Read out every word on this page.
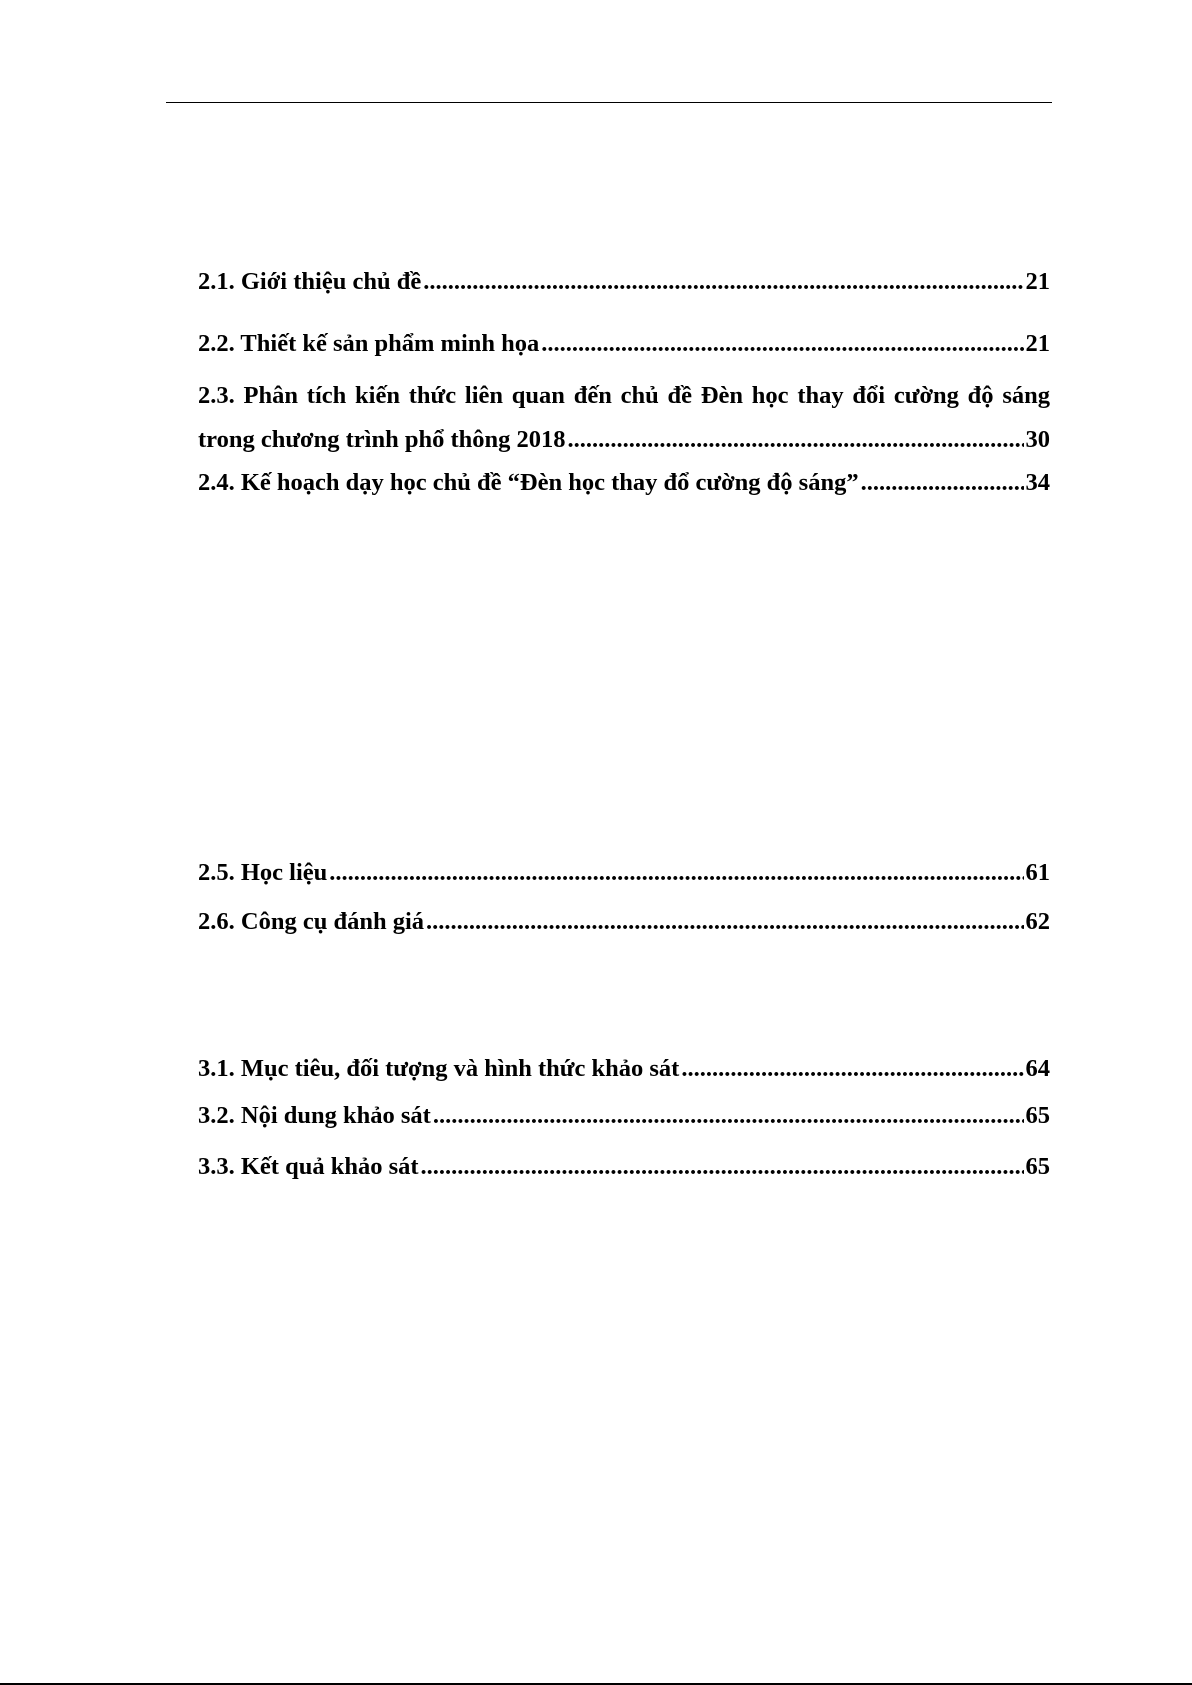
2.1. Giới thiệu chủ đề .....	21
2.2. Thiết kế sản phẩm minh họa .....	21
2.3. Phân tích kiến thức liên quan đến chủ đề Đèn học thay đổi cường độ sáng
trong chương trình phổ thông 2018 .....	30
2.4. Kế hoạch dạy học chủ đề “Đèn học thay đổ cường độ sáng” .....	34
2.5. Học liệu .....	61
2.6. Công cụ đánh giá .....	62
3.1. Mục tiêu, đối tượng và hình thức khảo sát .....	64
3.2. Nội dung khảo sát .....	65
3.3. Kết quả khảo sát .....	65
